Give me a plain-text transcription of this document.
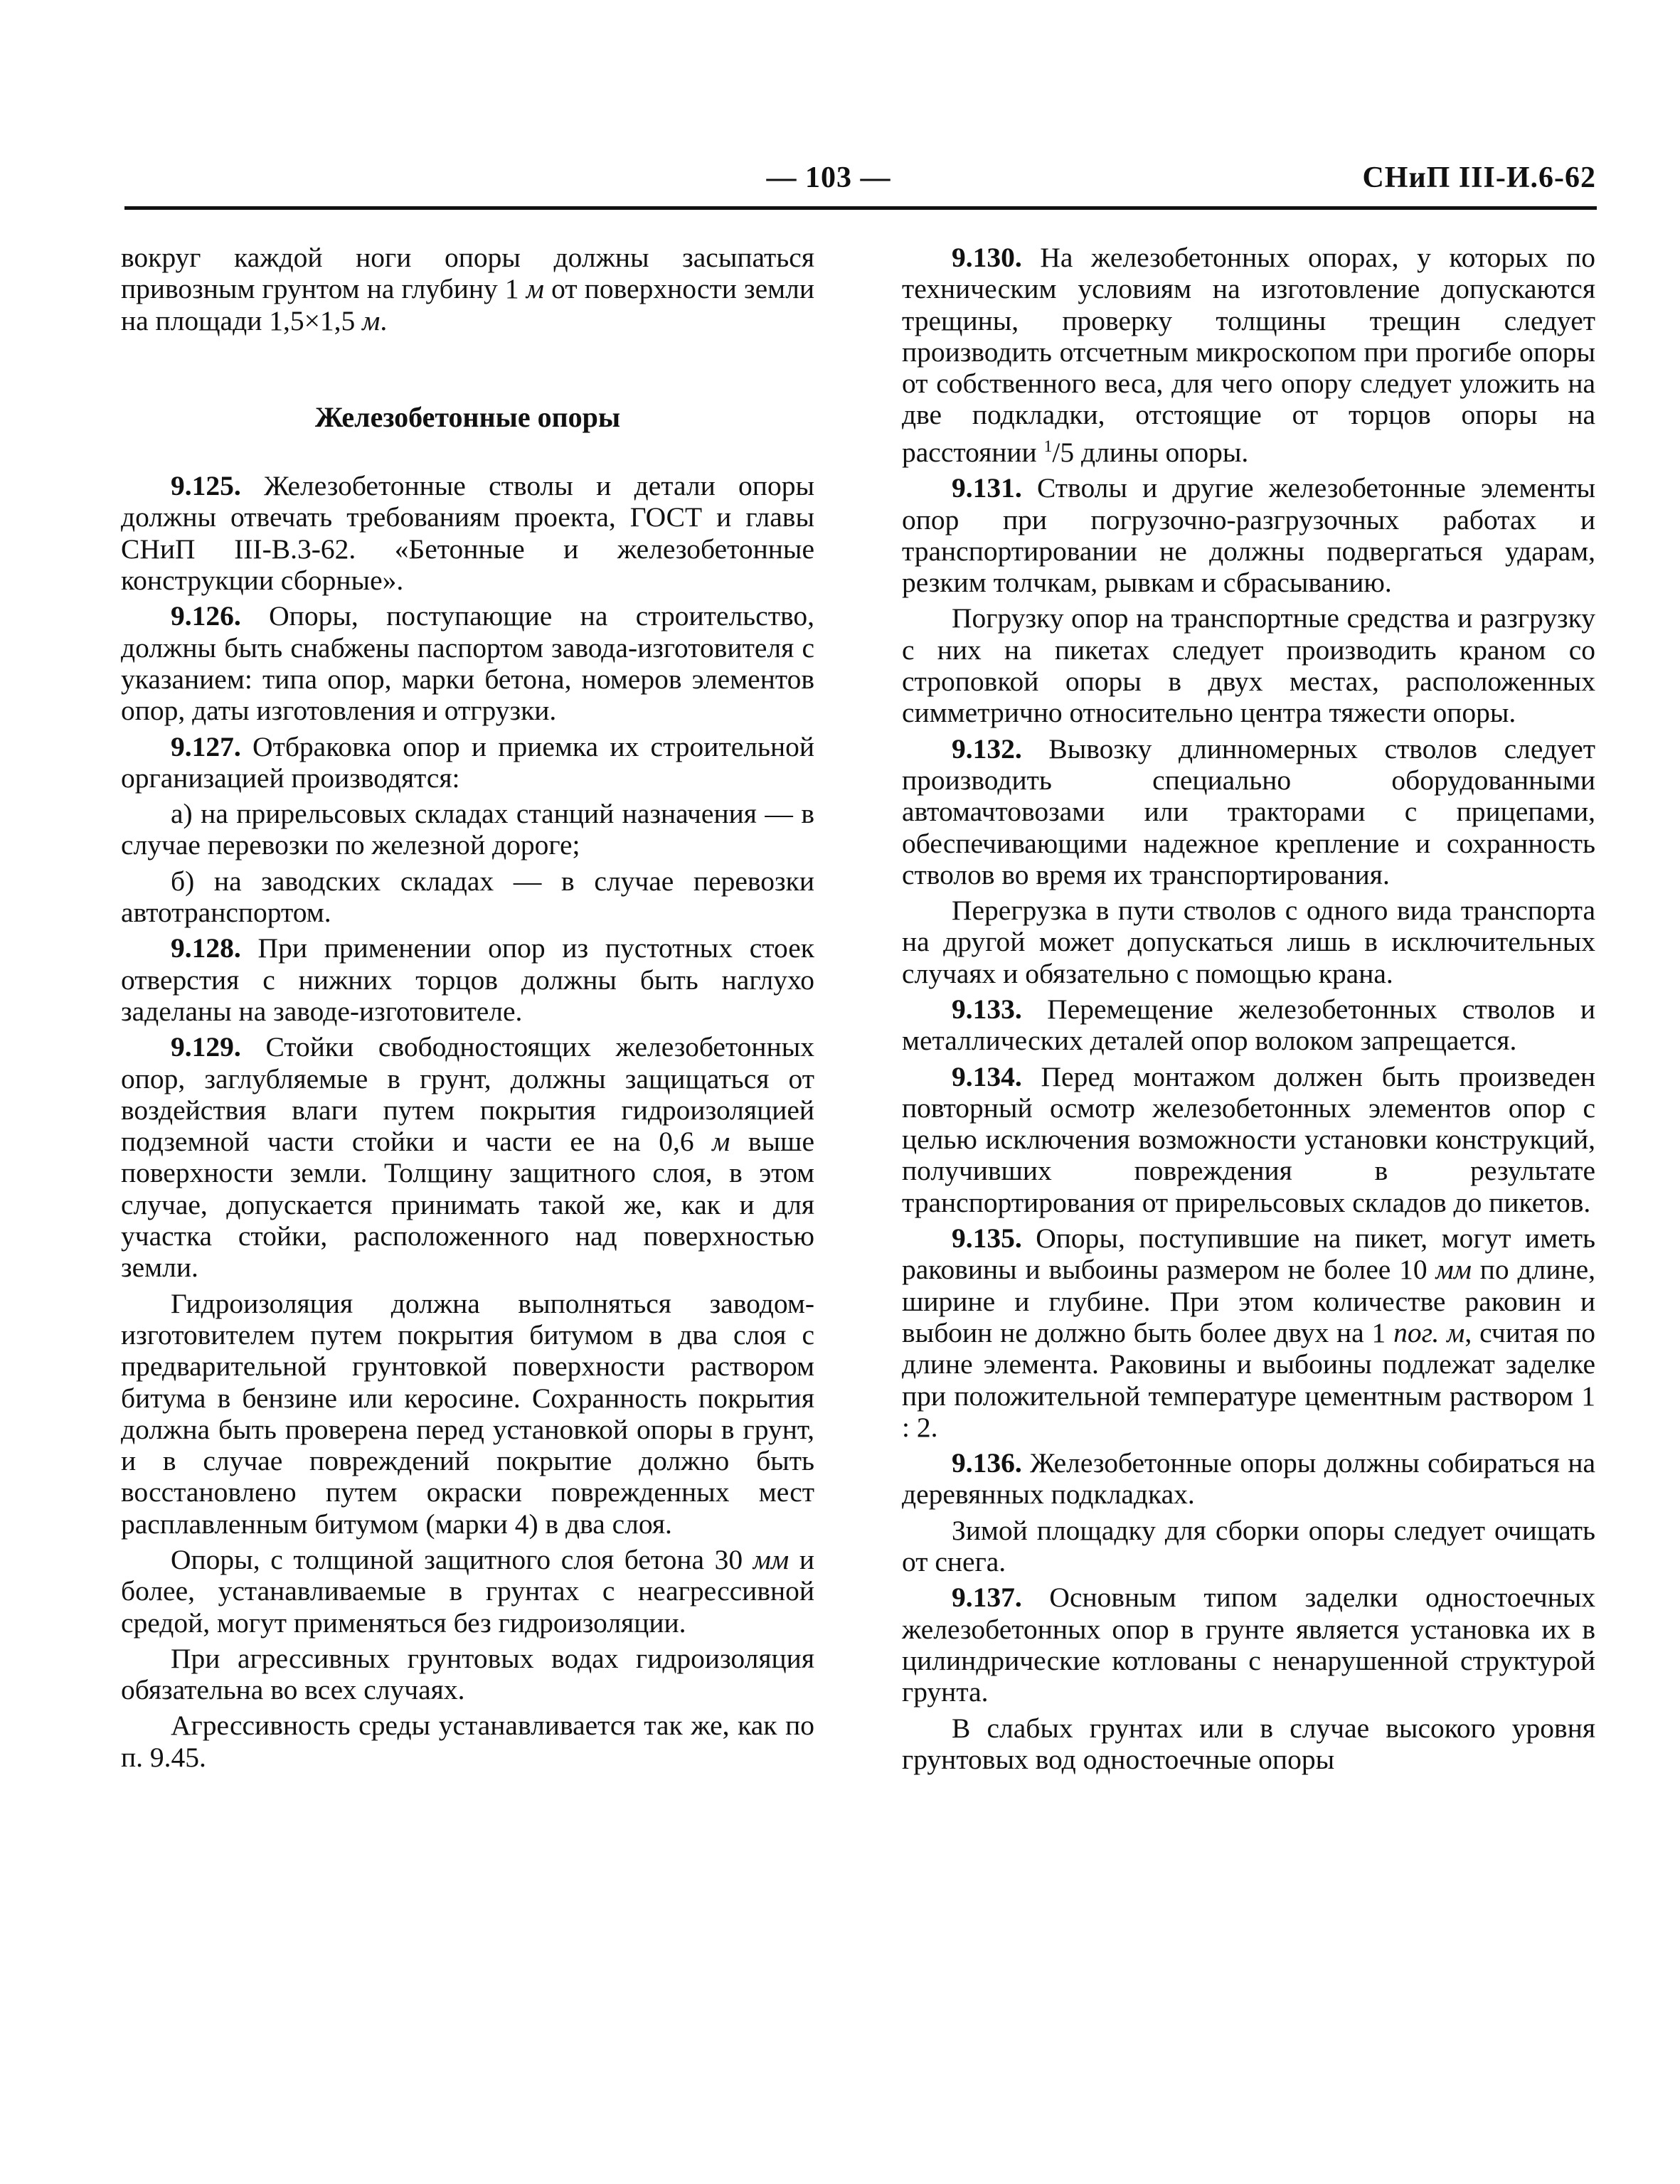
— 103 —	СНиП III-И.6-62

вокруг каждой ноги опоры должны засыпаться привозным грунтом на глубину 1 м от поверхности земли на площади 1,5×1,5 м.

Железобетонные опоры

9.125. Железобетонные стволы и детали опоры должны отвечать требованиям проекта, ГОСТ и главы СНиП III-В.3-62. «Бетонные и железобетонные конструкции сборные».

9.126. Опоры, поступающие на строительство, должны быть снабжены паспортом завода-изготовителя с указанием: типа опор, марки бетона, номеров элементов опор, даты изготовления и отгрузки.

9.127. Отбраковка опор и приемка их строительной организацией производятся:

а) на прирельсовых складах станций назначения — в случае перевозки по железной дороге;

б) на заводских складах — в случае перевозки автотранспортом.

9.128. При применении опор из пустотных стоек отверстия с нижних торцов должны быть наглухо заделаны на заводе-изготовителе.

9.129. Стойки свободностоящих железобетонных опор, заглубляемые в грунт, должны защищаться от воздействия влаги путем покрытия гидроизоляцией подземной части стойки и части ее на 0,6 м выше поверхности земли. Толщину защитного слоя, в этом случае, допускается принимать такой же, как и для участка стойки, расположенного над поверхностью земли.

Гидроизоляция должна выполняться заводом-изготовителем путем покрытия битумом в два слоя с предварительной грунтовкой поверхности раствором битума в бензине или керосине. Сохранность покрытия должна быть проверена перед установкой опоры в грунт, и в случае повреждений покрытие должно быть восстановлено путем окраски поврежденных мест расплавленным битумом (марки 4) в два слоя.

Опоры, с толщиной защитного слоя бетона 30 мм и более, устанавливаемые в грунтах с неагрессивной средой, могут применяться без гидроизоляции.

При агрессивных грунтовых водах гидроизоляция обязательна во всех случаях.

Агрессивность среды устанавливается так же, как по п. 9.45.

9.130. На железобетонных опорах, у которых по техническим условиям на изготовление допускаются трещины, проверку толщины трещин следует производить отсчетным микроскопом при прогибе опоры от собственного веса, для чего опору следует уложить на две подкладки, отстоящие от торцов опоры на расстоянии $^1$/5 длины опоры.

9.131. Стволы и другие железобетонные элементы опор при погрузочно-разгрузочных работах и транспортировании не должны подвергаться ударам, резким толчкам, рывкам и сбрасыванию.

Погрузку опор на транспортные средства и разгрузку с них на пикетах следует производить краном со строповкой опоры в двух местах, расположенных симметрично относительно центра тяжести опоры.

9.132. Вывозку длинномерных стволов следует производить специально оборудованными автомачтовозами или тракторами с прицепами, обеспечивающими надежное крепление и сохранность стволов во время их транспортирования.

Перегрузка в пути стволов с одного вида транспорта на другой может допускаться лишь в исключительных случаях и обязательно с помощью крана.

9.133. Перемещение железобетонных стволов и металлических деталей опор волоком запрещается.

9.134. Перед монтажом должен быть произведен повторный осмотр железобетонных элементов опор с целью исключения возможности установки конструкций, получивших повреждения в результате транспортирования от прирельсовых складов до пикетов.

9.135. Опоры, поступившие на пикет, могут иметь раковины и выбоины размером не более 10 мм по длине, ширине и глубине. При этом количестве раковин и выбоин не должно быть более двух на 1 пог. м, считая по длине элемента. Раковины и выбоины подлежат заделке при положительной температуре цементным раствором 1 : 2.

9.136. Железобетонные опоры должны собираться на деревянных подкладках.

Зимой площадку для сборки опоры следует очищать от снега.

9.137. Основным типом заделки одностоечных железобетонных опор в грунте является установка их в цилиндрические котлованы с ненарушенной структурой грунта.

В слабых грунтах или в случае высокого уровня грунтовых вод одностоечные опоры
